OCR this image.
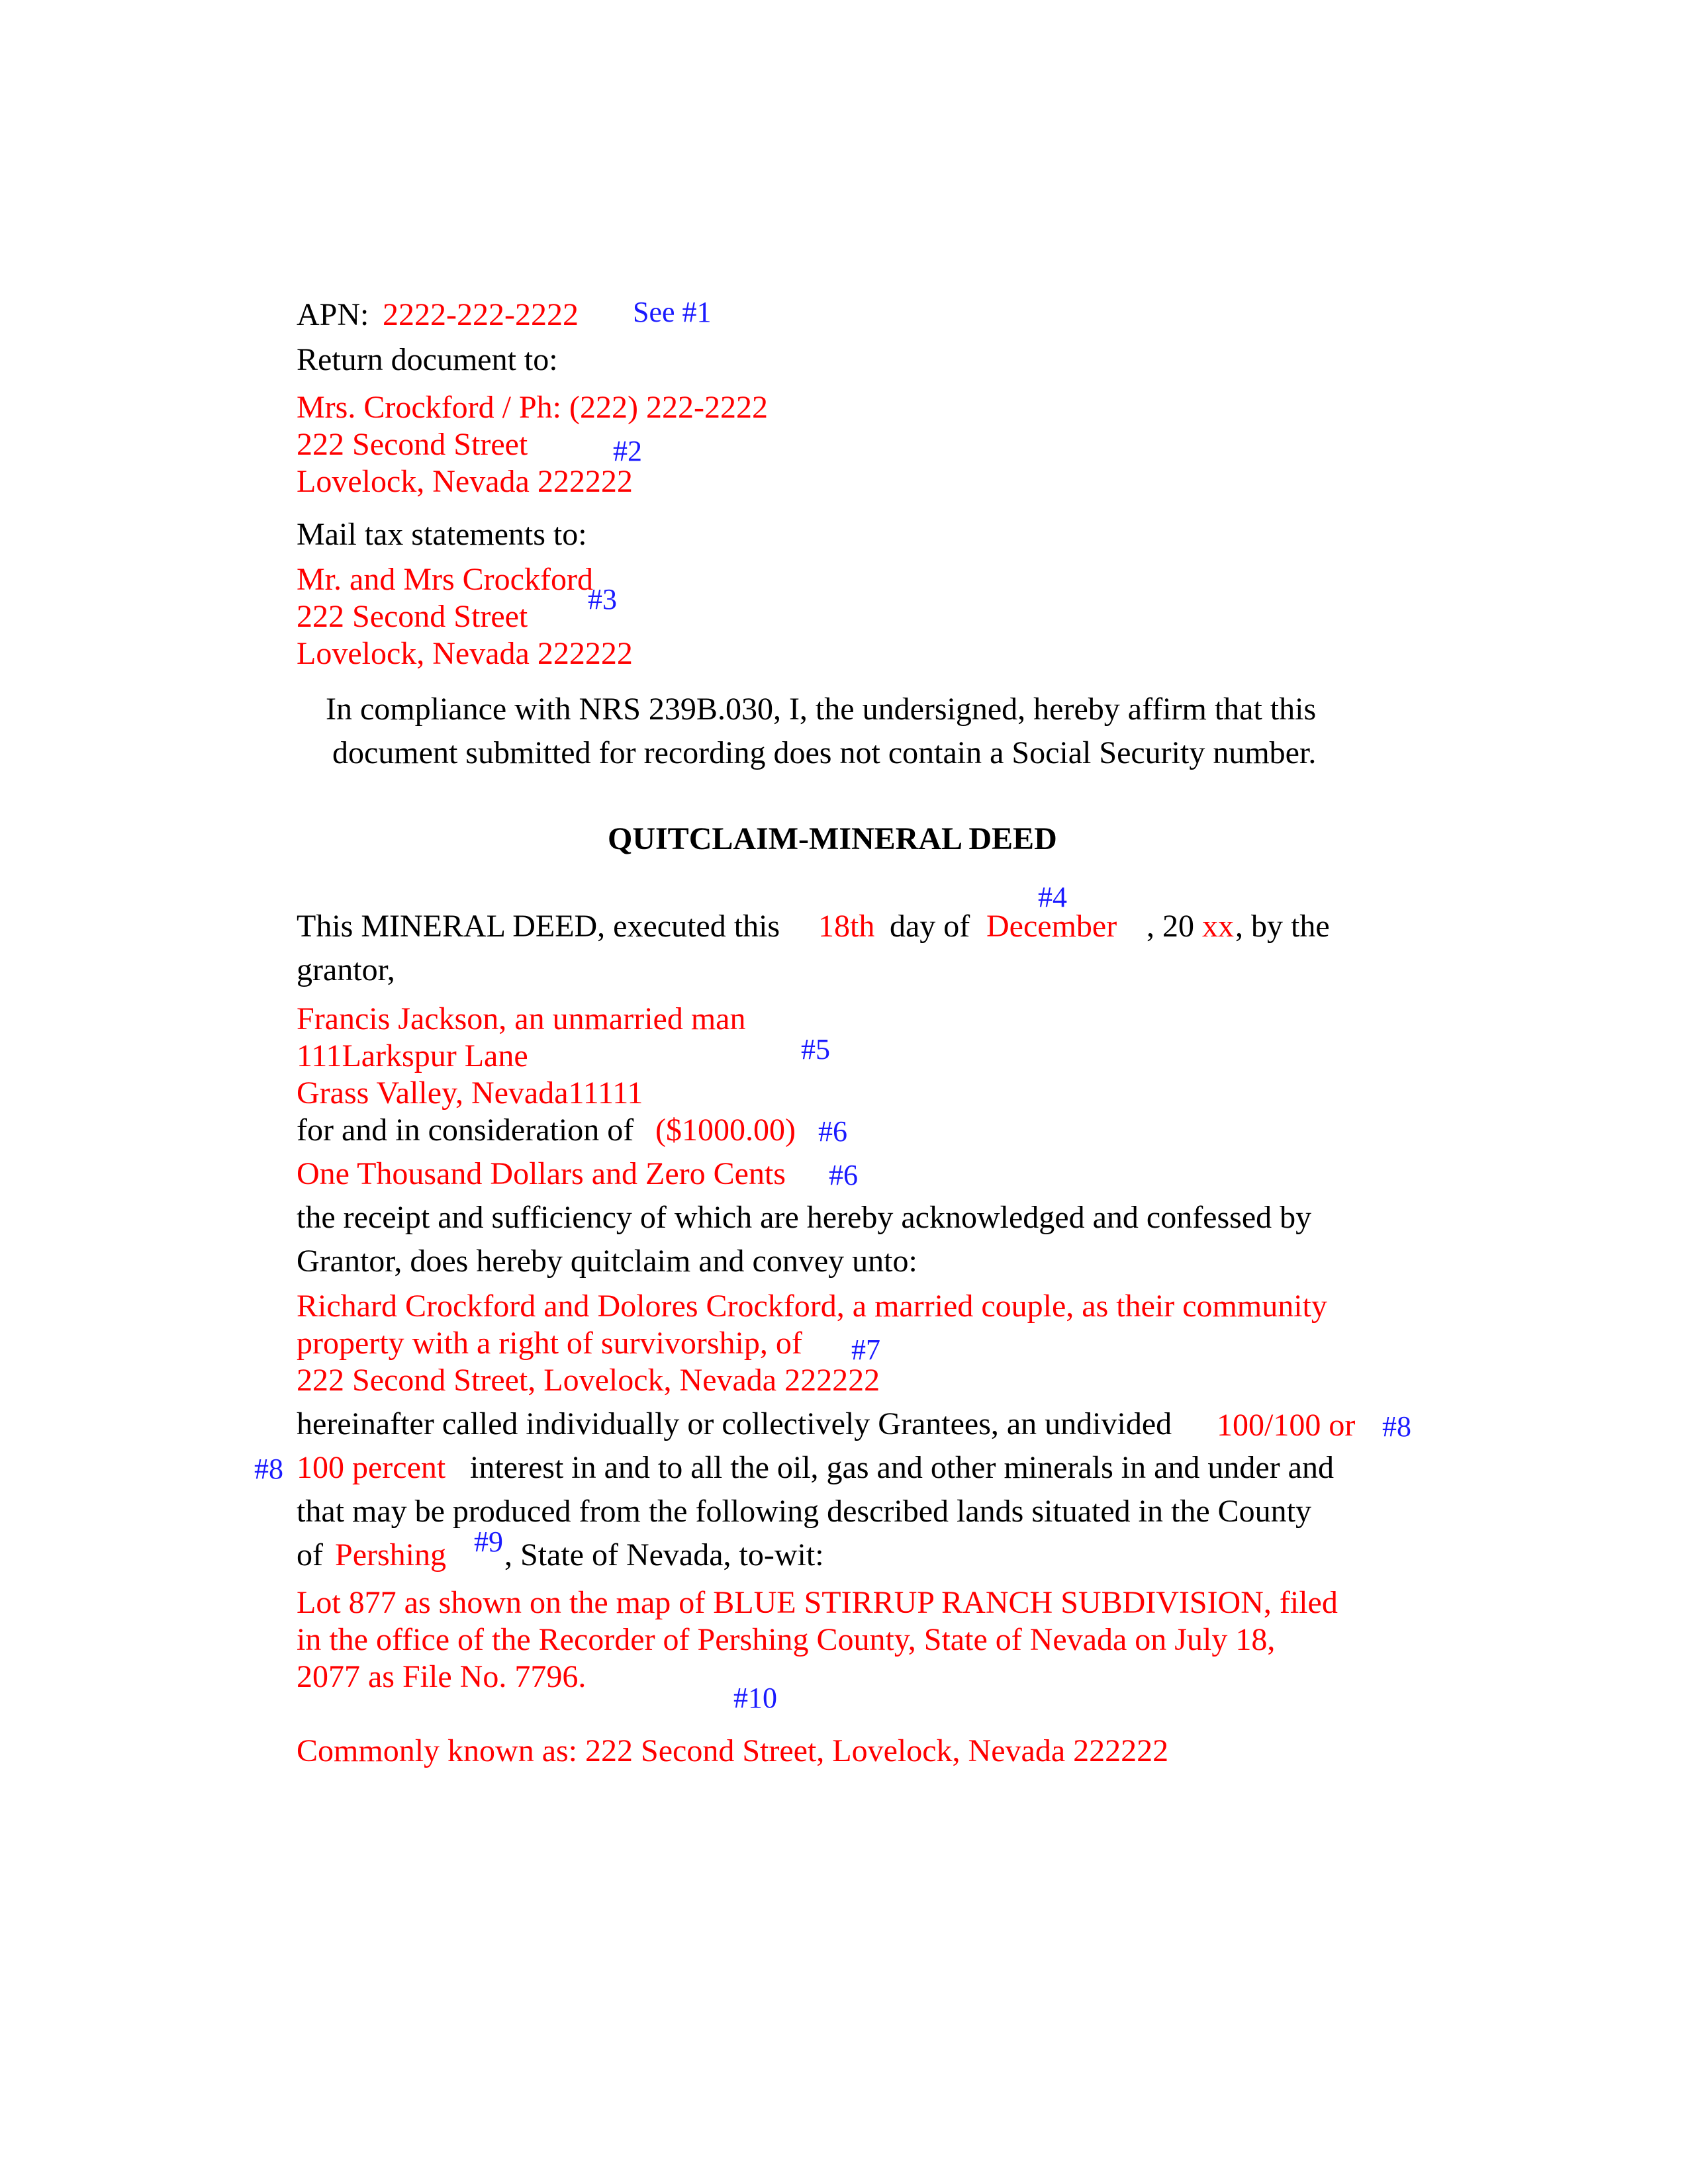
APN: 2222-222-2222 See #1
Return document to:
Mrs. Crockford / Ph: (222) 222-2222
222 Second Street	#2
Lovelock, Nevada 222222
Mail tax statements to:
Mr. and Mrs Crockford
#3
222 Second Street
Lovelock, Nevada 222222
In compliance with NRS 239B.030, I, the undersigned, hereby affirm that this
document submitted for recording does not contain a Social Security number.
QUITCLAIM-MINERAL DEED
#4
This MINERAL DEED, executed this 18th day of December , 20 xx , by the
grantor,
Francis Jackson, an unmarried man
111Larkspur Lane	#5
Grass Valley, Nevada11111
for and in consideration of ($1000.00) #6
One Thousand Dollars and Zero Cents #6
the receipt and sufficiency of which are hereby acknowledged and confessed by
Grantor, does hereby quitclaim and convey unto:
Richard Crockford and Dolores Crockford, a married couple, as their community
property with a right of survivorship, of #7
222 Second Street, Lovelock, Nevada 222222
hereinafter called individually or collectively Grantees, an undivided 100/100 or #8
#8 100 percent interest in and to all the oil, gas and other minerals in and under and
that may be produced from the following described lands situated in the County
of Pershing #9 , State of Nevada, to-wit:
Lot 877 as shown on the map of BLUE STIRRUP RANCH SUBDIVISION, filed
in the office of the Recorder of Pershing County, State of Nevada on July 18,
2077 as File No. 7796.
#10
Commonly known as: 222 Second Street, Lovelock, Nevada 222222
